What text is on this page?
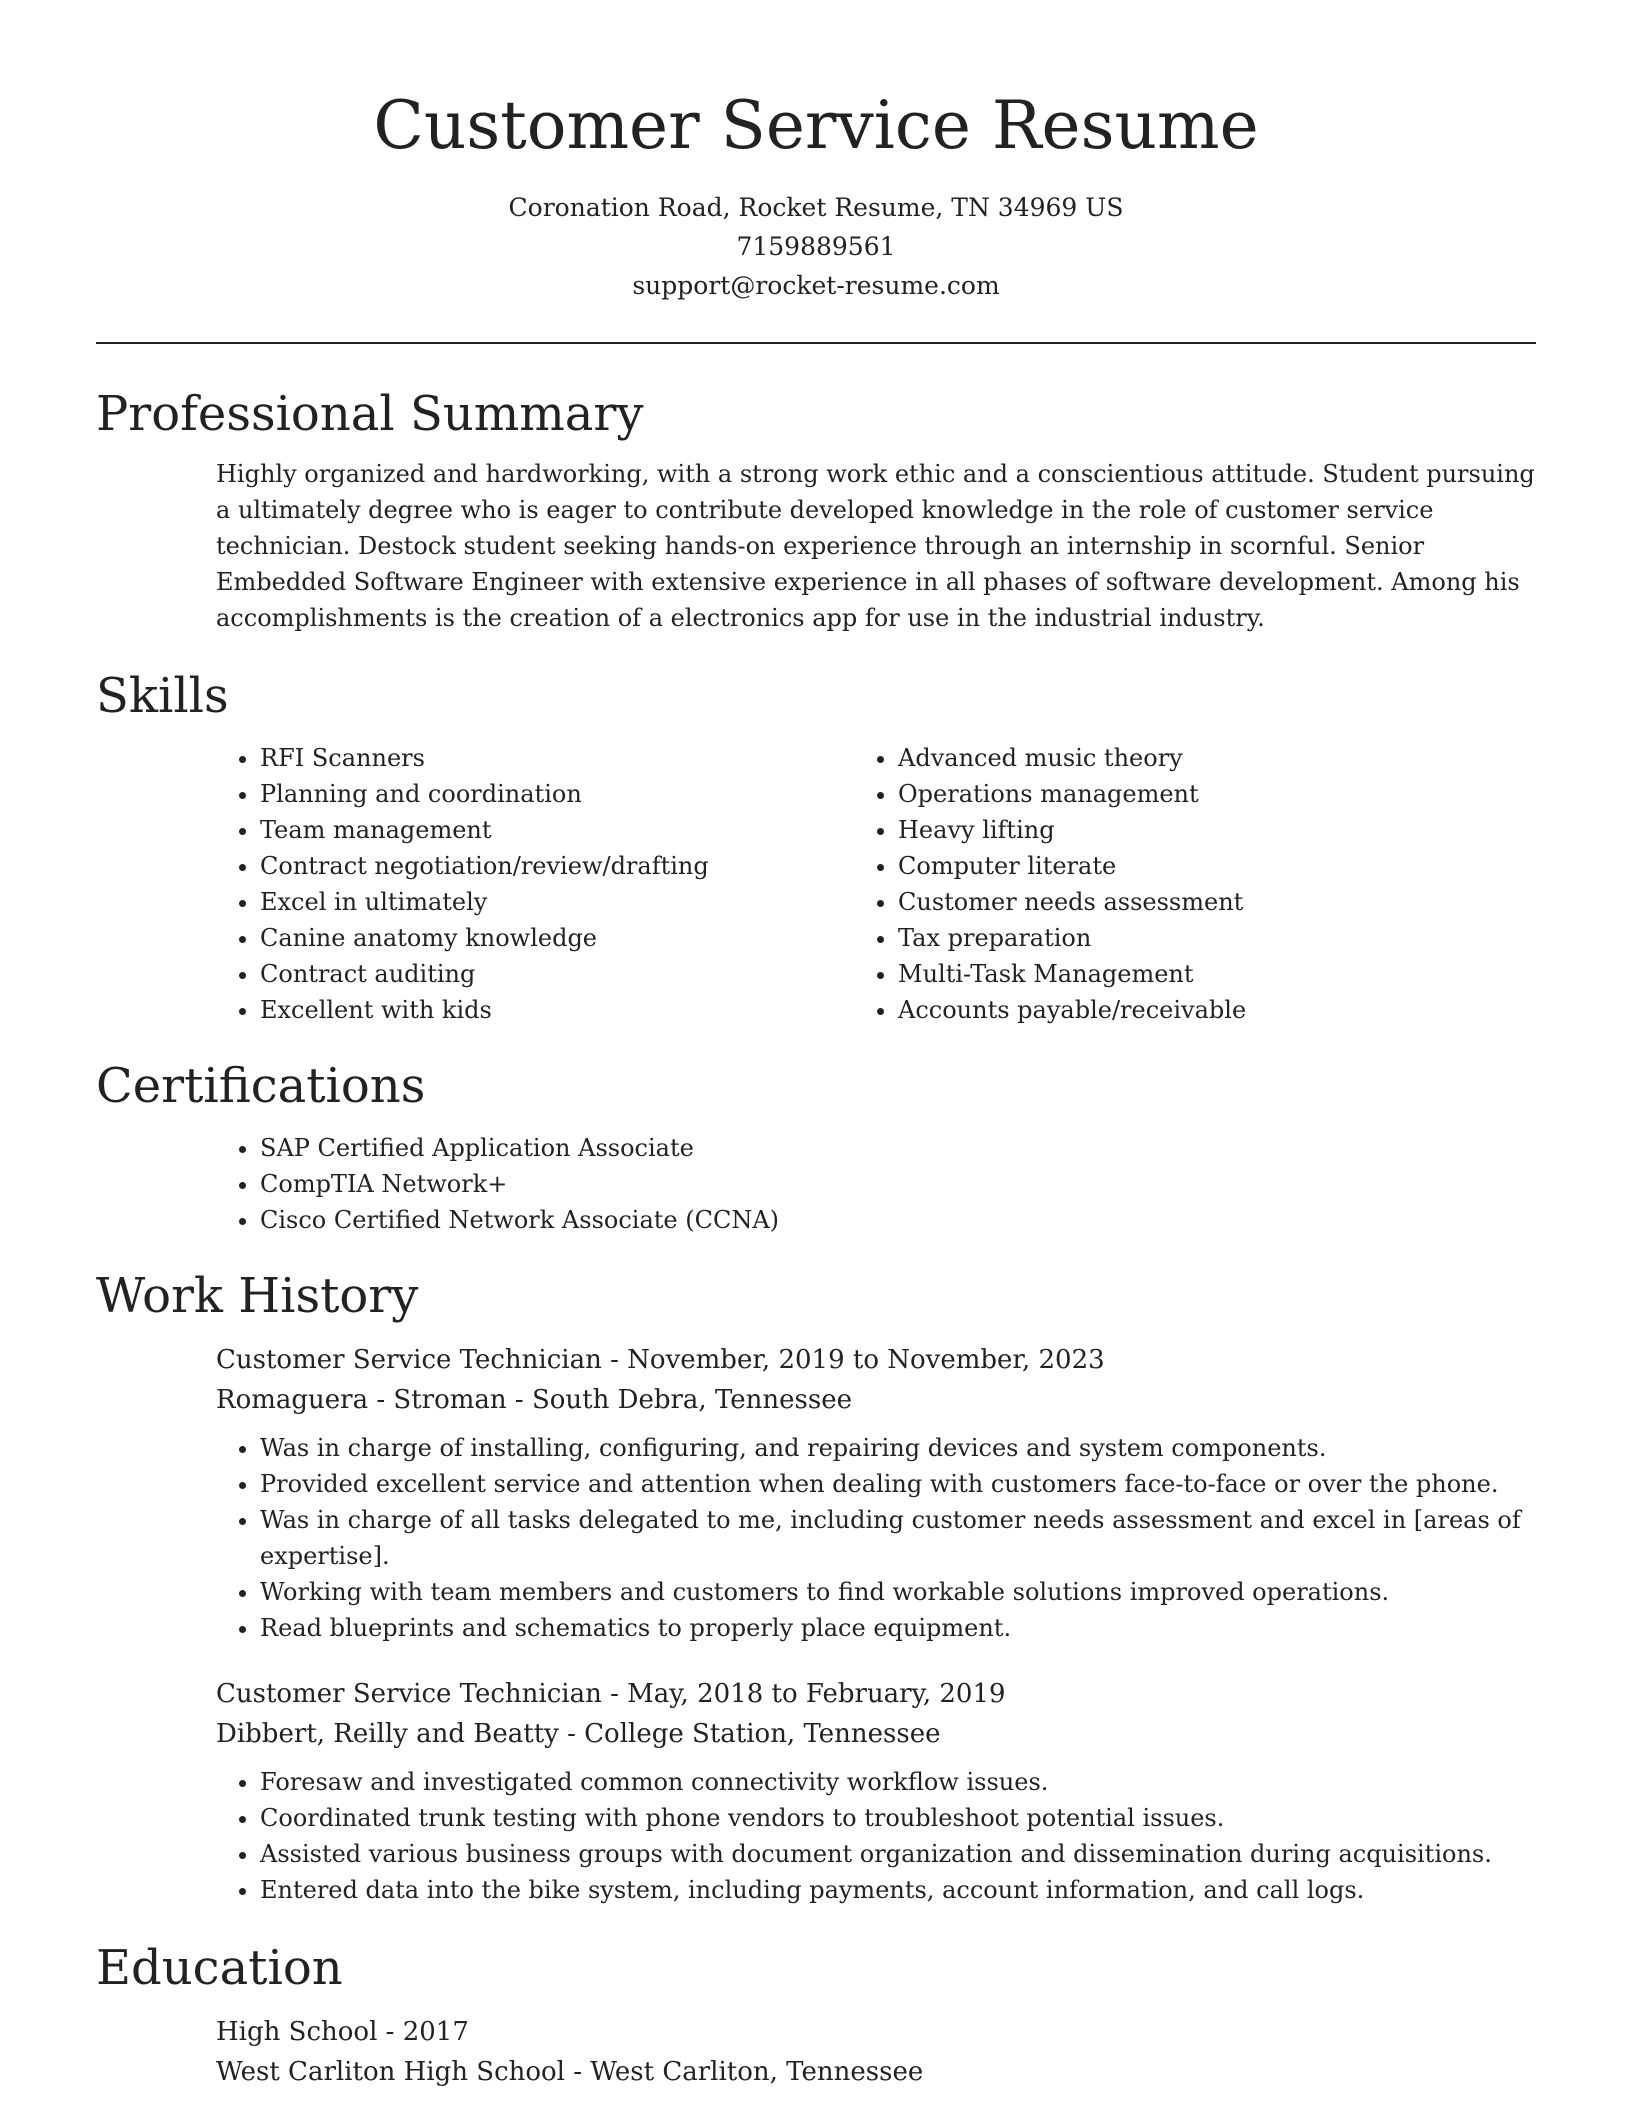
Customer Service Resume
Coronation Road, Rocket Resume, TN 34969 US
7159889561
support@rocket-resume.com
Professional Summary
Highly organized and hardworking, with a strong work ethic and a conscientious attitude. Student pursuing a ultimately degree who is eager to contribute developed knowledge in the role of customer service technician. Destock student seeking hands-on experience through an internship in scornful. Senior Embedded Software Engineer with extensive experience in all phases of software development. Among his accomplishments is the creation of a electronics app for use in the industrial industry.
Skills
• RFI Scanners
• Planning and coordination
• Team management
• Contract negotiation/review/drafting
• Excel in ultimately
• Canine anatomy knowledge
• Contract auditing
• Excellent with kids
• Advanced music theory
• Operations management
• Heavy lifting
• Computer literate
• Customer needs assessment
• Tax preparation
• Multi-Task Management
• Accounts payable/receivable
Certifications
• SAP Certified Application Associate
• CompTIA Network+
• Cisco Certified Network Associate (CCNA)
Work History
Customer Service Technician - November, 2019 to November, 2023
Romaguera - Stroman - South Debra, Tennessee
• Was in charge of installing, configuring, and repairing devices and system components.
• Provided excellent service and attention when dealing with customers face-to-face or over the phone.
• Was in charge of all tasks delegated to me, including customer needs assessment and excel in [areas of expertise].
• Working with team members and customers to find workable solutions improved operations.
• Read blueprints and schematics to properly place equipment.
Customer Service Technician - May, 2018 to February, 2019
Dibbert, Reilly and Beatty - College Station, Tennessee
• Foresaw and investigated common connectivity workflow issues.
• Coordinated trunk testing with phone vendors to troubleshoot potential issues.
• Assisted various business groups with document organization and dissemination during acquisitions.
• Entered data into the bike system, including payments, account information, and call logs.
Education
High School - 2017
West Carliton High School - West Carliton, Tennessee
